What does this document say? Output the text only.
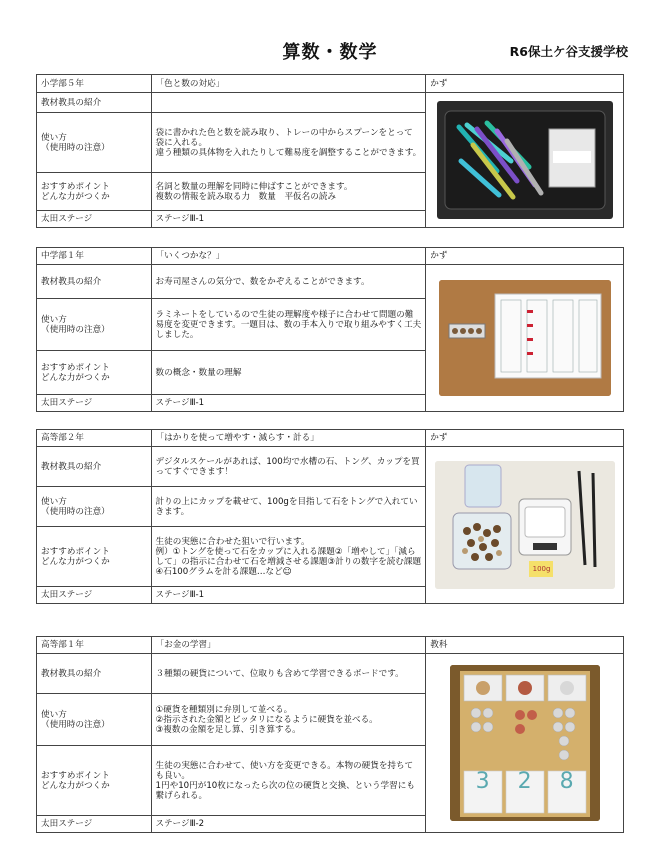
算数・数学	R6保土ケ谷支援学校
小学部５年	「色と数の対応」	かず
教材教具の紹介		

使い方
（使用時の注意）	袋に書かれた色と数を読み取り、トレーの中からスプーンをとって袋に入れる。
違う種類の具体物を入れたりして難易度を調整することができます。	
おすすめポイント
どんな力がつくか	名詞と数量の理解を同時に伸ばすことができます。
複数の情報を読み取る力　数量　平仮名の読み	
太田ステージ	ステージⅢ-1	
中学部１年	「いくつかな？」	かず
教材教具の紹介	お寿司屋さんの気分で、数をかぞえることができます。	

使い方
（使用時の注意）	ラミネートをしているので生徒の理解度や様子に合わせて問題の難易度を変更できます。一題目は、数の手本入りで取り組みやすく工夫しました。	
おすすめポイント
どんな力がつくか	数の概念・数量の理解	
太田ステージ	ステージⅢ-1	
高等部２年	「はかりを使って増やす・減らす・計る」	かず
教材教具の紹介	デジタルスケールがあれば、100均で水槽の石、トング、カップを買ってすぐできます！	100g

使い方
（使用時の注意）	計りの上にカップを載せて、100gを目指して石をトングで入れていきます。	
おすすめポイント
どんな力がつくか	生徒の実態に合わせた狙いで行います。
例）①トングを使って石をカップに入れる課題②「増やして」「減らして」の指示に合わせて石を増減させる課題③計りの数字を読む課題④石100グラムを計る課題…など☺	
太田ステージ	ステージⅢ-1	
高等部１年	「お金の学習」	教科
教材教具の紹介	３種類の硬貨について、位取りも含めて学習できるボードです。	3 2 8

使い方
（使用時の注意）	①硬貨を種類別に弁別して並べる。
②指示された金額とピッタリになるように硬貨を並べる。
③複数の金額を足し算、引き算する。	
おすすめポイント
どんな力がつくか	生徒の実態に合わせて、使い方を変更できる。本物の硬貨を持ちても良い。
1円や10円が10枚になったら次の位の硬貨と交換、という学習にも繋げられる。	
太田ステージ	ステージⅢ-2	
